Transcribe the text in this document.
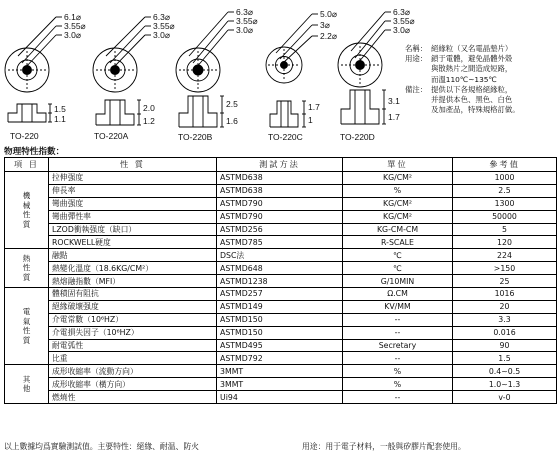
6.1⌀
3.55⌀
3.0⌀
6.3⌀
3.55⌀
3.0⌀
6.3⌀
3.55⌀
3.0⌀
5.0⌀
3⌀
2.2⌀
6.3⌀
3.55⌀
3.0⌀
1.5
1.1
2.0
1.2
2.5
1.6
1.7
1
3.1
1.7
TO-220	TO-220A	TO-220B	TO-220C	TO-220D
名稱： 絕緣粒（又名電晶墊片）
用途： 鎖于電體，避免晶體外殼
與散熱片之間造成短路，
而溫110℃~135℃
備注： 提供以下各規格絕緣粒，
并提供本色、黑色、白色
及加產品，特殊規格訂做。
物理特性指數：
項 目	性 質	測試方法	單位	參考值
機
械
性
質	拉伸强度	ASTMD638	KG/CM²	1000
	伸長率	ASTMD638	%	2.5
	彎曲强度	ASTMD790	KG/CM²	1300
	彎曲彈性率	ASTMD790	KG/CM²	50000
	LZOD衝執强度（缺口）	ASTMD256	KG-CM-CM	5
	ROCKWELL硬度	ASTMD785	R-SCALE	120
熱
性
質	融點	DSC法	℃	224
	熱變化溫度（18.6KG/CM²）	ASTMD648	℃	>150
	熱熔融指數（MFI）	ASTMD1238	G/10MIN	25
電
氣
性
質	體積固有阻抗	ASTMD257	Ω.CM	1016
	絕緣破壞强度	ASTMD149	KV/MM	20
	介電常數（10⁶HZ）	ASTMD150	--	3.3
	介電損失因子（10⁶HZ）	ASTMD150	--	0.016
	耐電弧性	ASTMD495	Secretary	90
	比重	ASTMD792	--	1.5
其
他	成形收縮率（流動方向）	3MMT	%	0.4~0.5
	成形收縮率（橫方向）	3MMT	%	1.0~1.3
	燃燒性	Ui94	--	v-0
以上數據均爲實驗測試值。主要特性：絕緣、耐温、防火	用途：用于電子材料，一般與矽膠片配套使用。
